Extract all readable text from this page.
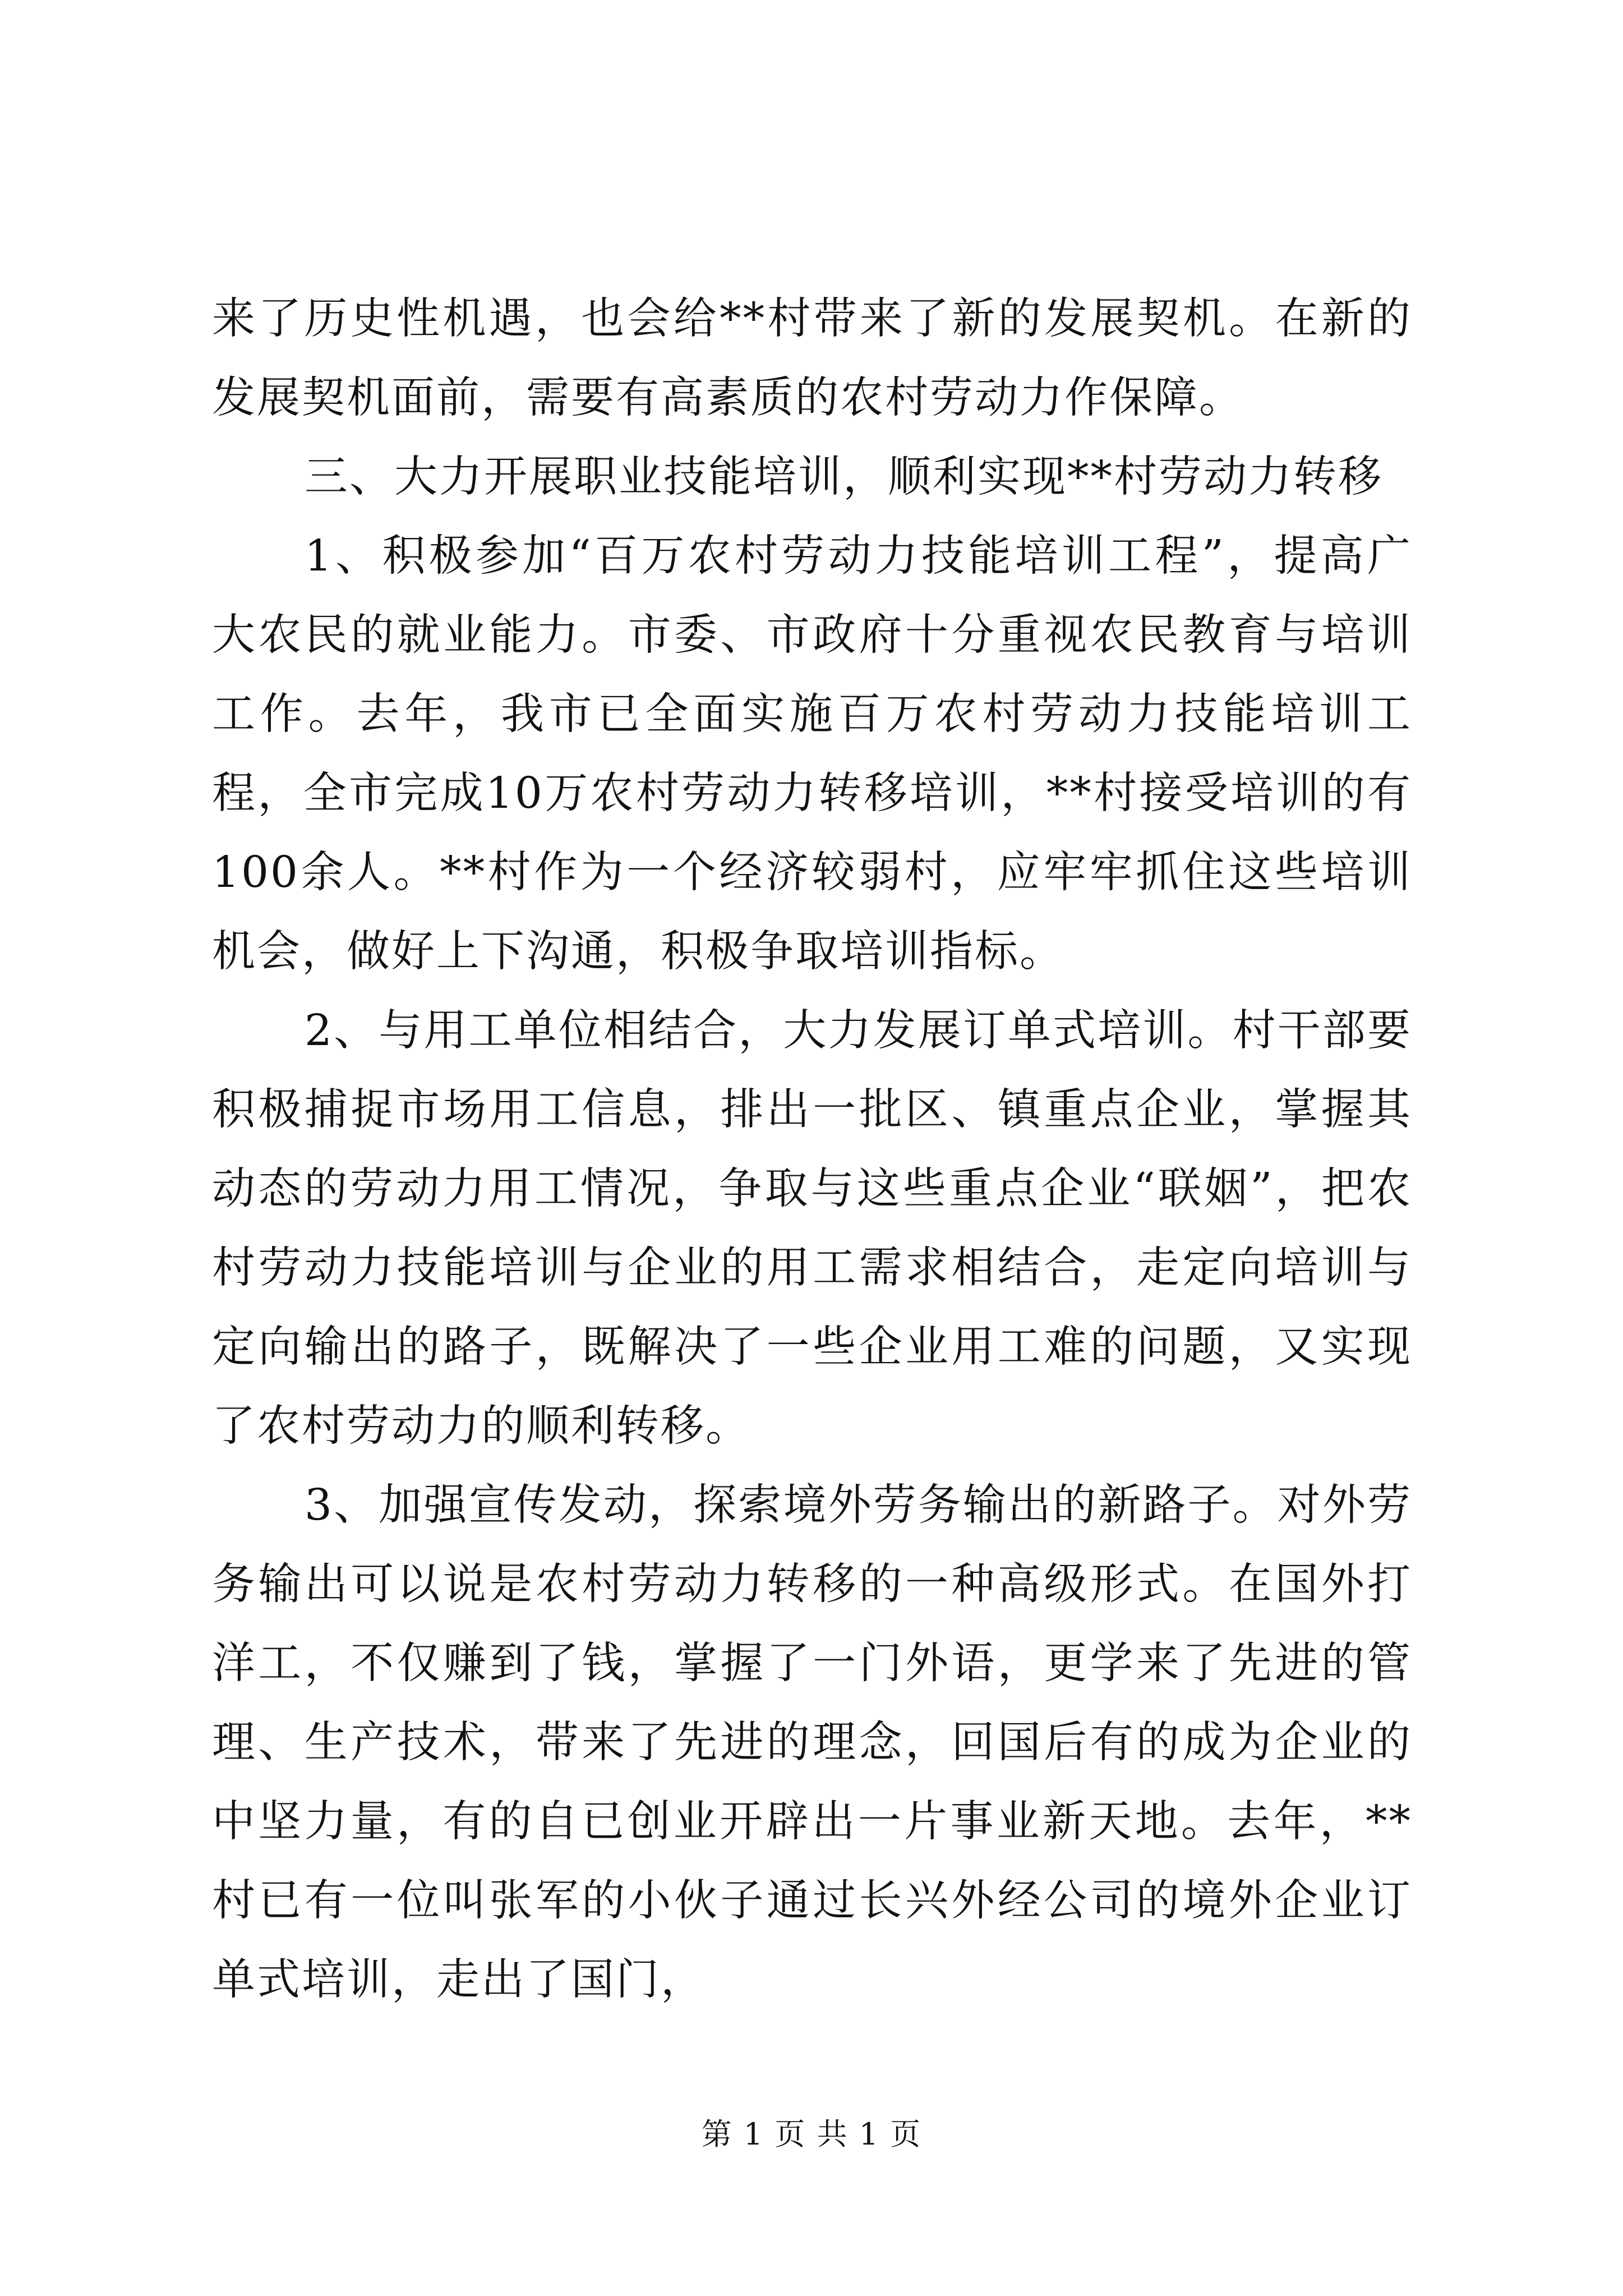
来了历史性机遇，也会给**村带来了新的发展契机。在新的发展契机面前，需要有高素质的农村劳动力作保障。

三、大力开展职业技能培训，顺利实现**村劳动力转移

1、积极参加“百万农村劳动力技能培训工程”，提高广大农民的就业能力。市委、市政府十分重视农民教育与培训工作。去年，我市已全面实施百万农村劳动力技能培训工程，全市完成10万农村劳动力转移培训，**村接受培训的有100余人。**村作为一个经济较弱村，应牢牢抓住这些培训机会，做好上下沟通，积极争取培训指标。

2、与用工单位相结合，大力发展订单式培训。村干部要积极捕捉市场用工信息，排出一批区、镇重点企业，掌握其动态的劳动力用工情况，争取与这些重点企业“联姻”，把农村劳动力技能培训与企业的用工需求相结合，走定向培训与定向输出的路子，既解决了一些企业用工难的问题，又实现了农村劳动力的顺利转移。

3、加强宣传发动，探索境外劳务输出的新路子。对外劳务输出可以说是农村劳动力转移的一种高级形式。在国外打洋工，不仅赚到了钱，掌握了一门外语，更学来了先进的管理、生产技术，带来了先进的理念，回国后有的成为企业的中坚力量，有的自已创业开辟出一片事业新天地。去年，**村已有一位叫张军的小伙子通过长兴外经公司的境外企业订单式培训，走出了国门，

第 1 页 共 1 页
